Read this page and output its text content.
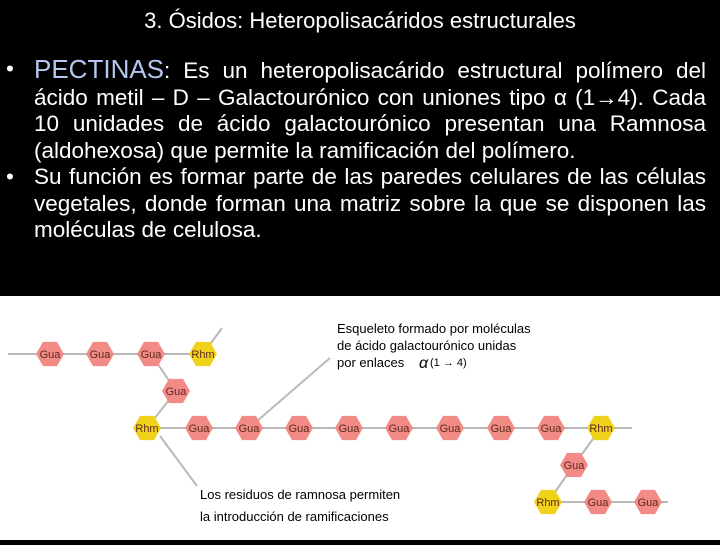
3. Ósidos: Heteropolisacáridos estructurales
• PECTINAS: Es un heteropolisacárido estructural polímero del ácido metil – D – Galactourónico con uniones tipo α (1→4). Cada 10 unidades de ácido galactourónico presentan una Ramnosa (aldohexosa) que permite la ramificación del polímero.
• Su función es formar parte de las paredes celulares de las células vegetales, donde forman una matriz sobre la que se disponen las moléculas de celulosa.
Gua	Gua	Gua	Rhm
Gua
Rhm	Gua	Gua	Gua	Gua	Gua	Gua	Gua	Gua	Rhm
Gua
Rhm	Gua	Gua
Esqueleto formado por moléculas
de ácido galactourónico unidas
por enlaces α (1 → 4)
Los residuos de ramnosa permiten
la introducción de ramificaciones
